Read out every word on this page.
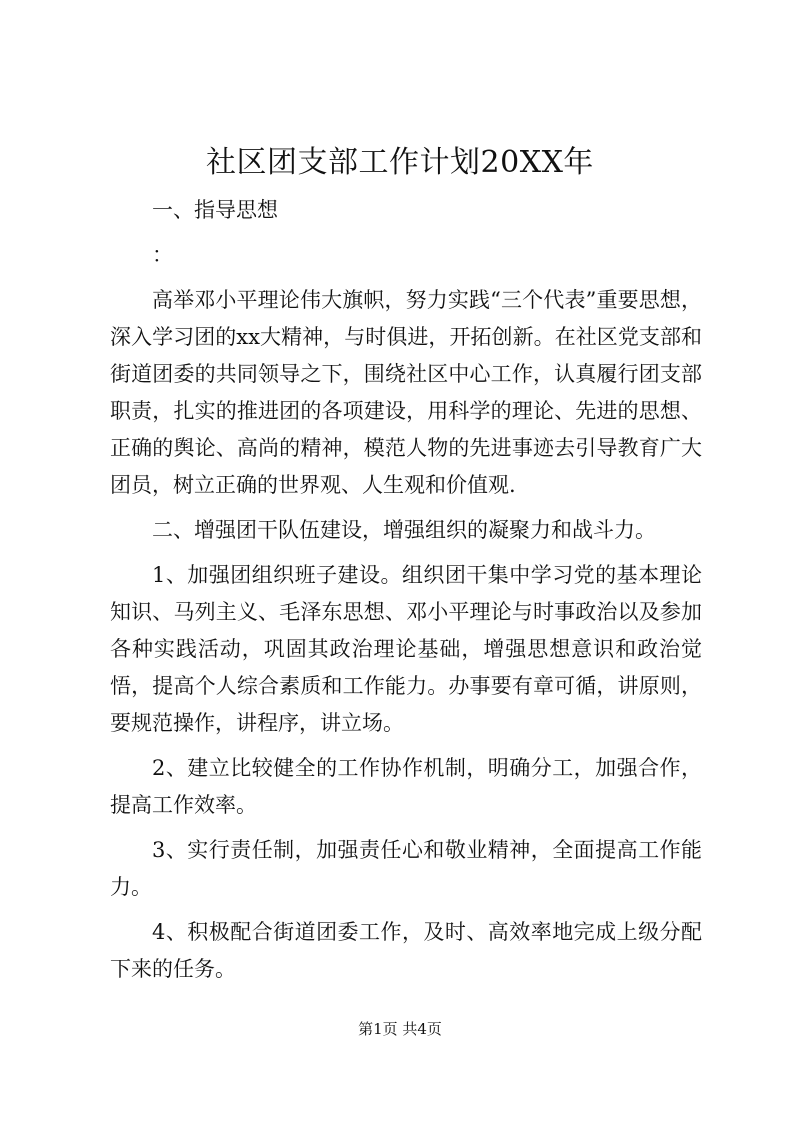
社区团支部工作计划20XX年

一、指导思想

：

高举邓小平理论伟大旗帜，努力实践“三个代表”重要思想，深入学习团的xx大精神，与时俱进，开拓创新。在社区党支部和街道团委的共同领导之下，围绕社区中心工作，认真履行团支部职责，扎实的推进团的各项建设，用科学的理论、先进的思想、正确的舆论、高尚的精神，模范人物的先进事迹去引导教育广大团员，树立正确的世界观、人生观和价值观.

二、增强团干队伍建设，增强组织的凝聚力和战斗力。

1、加强团组织班子建设。组织团干集中学习党的基本理论知识、马列主义、毛泽东思想、邓小平理论与时事政治以及参加各种实践活动，巩固其政治理论基础，增强思想意识和政治觉悟，提高个人综合素质和工作能力。办事要有章可循，讲原则，要规范操作，讲程序，讲立场。

2、建立比较健全的工作协作机制，明确分工，加强合作，提高工作效率。

3、实行责任制，加强责任心和敬业精神，全面提高工作能力。

4、积极配合街道团委工作，及时、高效率地完成上级分配下来的任务。

第1页 共4页
